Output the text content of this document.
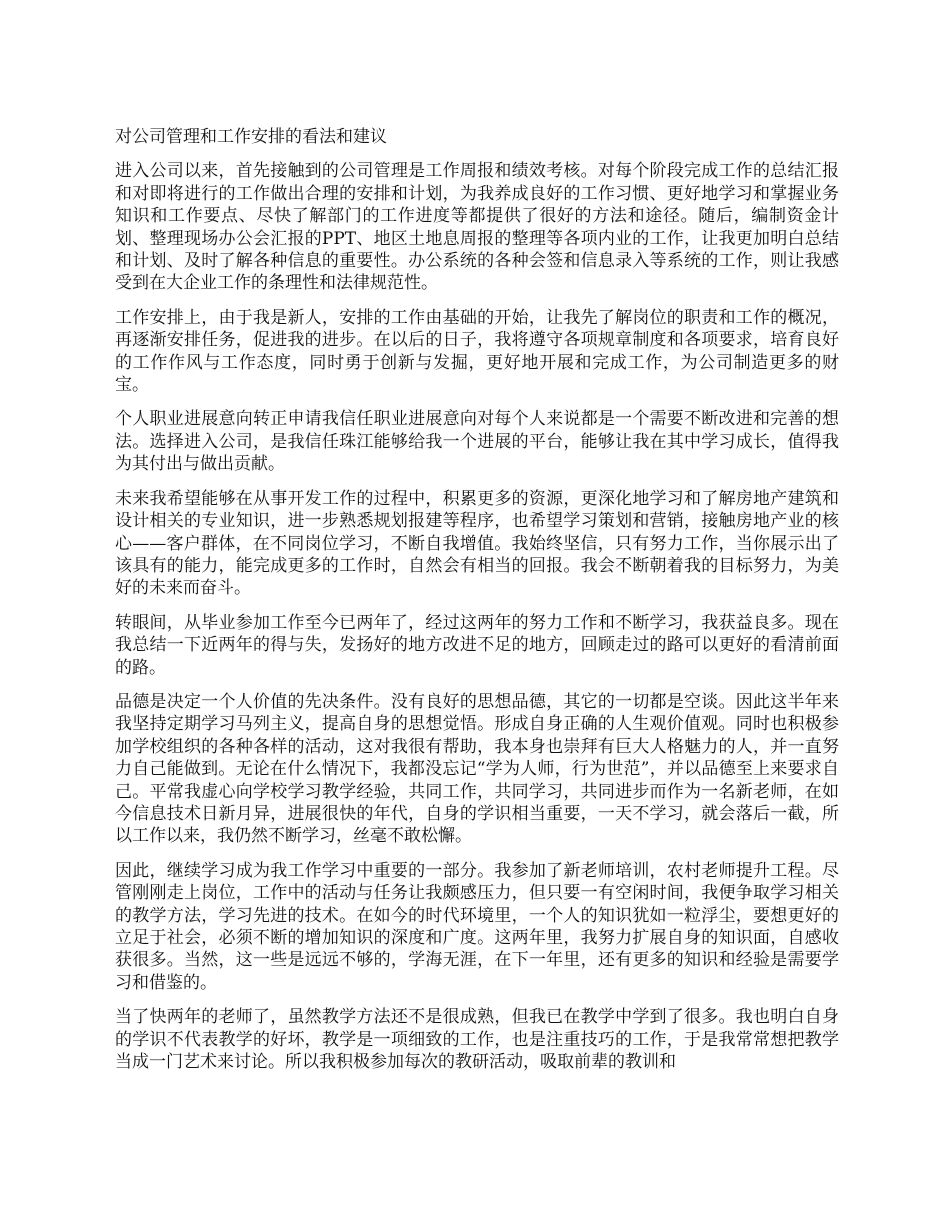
对公司管理和工作安排的看法和建议

进入公司以来，首先接触到的公司管理是工作周报和绩效考核。对每个阶段完成工作的总结汇报和对即将进行的工作做出合理的安排和计划，为我养成良好的工作习惯、更好地学习和掌握业务知识和工作要点、尽快了解部门的工作进度等都提供了很好的方法和途径。随后，编制资金计划、整理现场办公会汇报的PPT、地区土地息周报的整理等各项内业的工作，让我更加明白总结和计划、及时了解各种信息的重要性。办公系统的各种会签和信息录入等系统的工作，则让我感受到在大企业工作的条理性和法律规范性。

工作安排上，由于我是新人，安排的工作由基础的开始，让我先了解岗位的职责和工作的概况，再逐渐安排任务，促进我的进步。在以后的日子，我将遵守各项规章制度和各项要求，培育良好的工作作风与工作态度，同时勇于创新与发掘，更好地开展和完成工作，为公司制造更多的财宝。

个人职业进展意向转正申请我信任职业进展意向对每个人来说都是一个需要不断改进和完善的想法。选择进入公司，是我信任珠江能够给我一个进展的平台，能够让我在其中学习成长，值得我为其付出与做出贡献。

未来我希望能够在从事开发工作的过程中，积累更多的资源，更深化地学习和了解房地产建筑和设计相关的专业知识，进一步熟悉规划报建等程序，也希望学习策划和营销，接触房地产业的核心——客户群体，在不同岗位学习，不断自我增值。我始终坚信，只有努力工作，当你展示出了该具有的能力，能完成更多的工作时，自然会有相当的回报。我会不断朝着我的目标努力，为美好的未来而奋斗。

转眼间，从毕业参加工作至今已两年了，经过这两年的努力工作和不断学习，我获益良多。现在我总结一下近两年的得与失，发扬好的地方改进不足的地方，回顾走过的路可以更好的看清前面的路。

品德是决定一个人价值的先决条件。没有良好的思想品德，其它的一切都是空谈。因此这半年来我坚持定期学习马列主义，提高自身的思想觉悟。形成自身正确的人生观价值观。同时也积极参加学校组织的各种各样的活动，这对我很有帮助，我本身也崇拜有巨大人格魅力的人，并一直努力自己能做到。无论在什么情况下，我都没忘记“学为人师，行为世范”，并以品德至上来要求自己。平常我虚心向学校学习教学经验，共同工作，共同学习，共同进步而作为一名新老师，在如今信息技术日新月异，进展很快的年代，自身的学识相当重要，一天不学习，就会落后一截，所以工作以来，我仍然不断学习，丝毫不敢松懈。

因此，继续学习成为我工作学习中重要的一部分。我参加了新老师培训，农村老师提升工程。尽管刚刚走上岗位，工作中的活动与任务让我颇感压力，但只要一有空闲时间，我便争取学习相关的教学方法，学习先进的技术。在如今的时代环境里，一个人的知识犹如一粒浮尘，要想更好的立足于社会，必须不断的增加知识的深度和广度。这两年里，我努力扩展自身的知识面，自感收获很多。当然，这一些是远远不够的，学海无涯，在下一年里，还有更多的知识和经验是需要学习和借鉴的。

当了快两年的老师了，虽然教学方法还不是很成熟，但我已在教学中学到了很多。我也明白自身的学识不代表教学的好坏，教学是一项细致的工作，也是注重技巧的工作，于是我常常想把教学当成一门艺术来讨论。所以我积极参加每次的教研活动，吸取前辈的教训和
